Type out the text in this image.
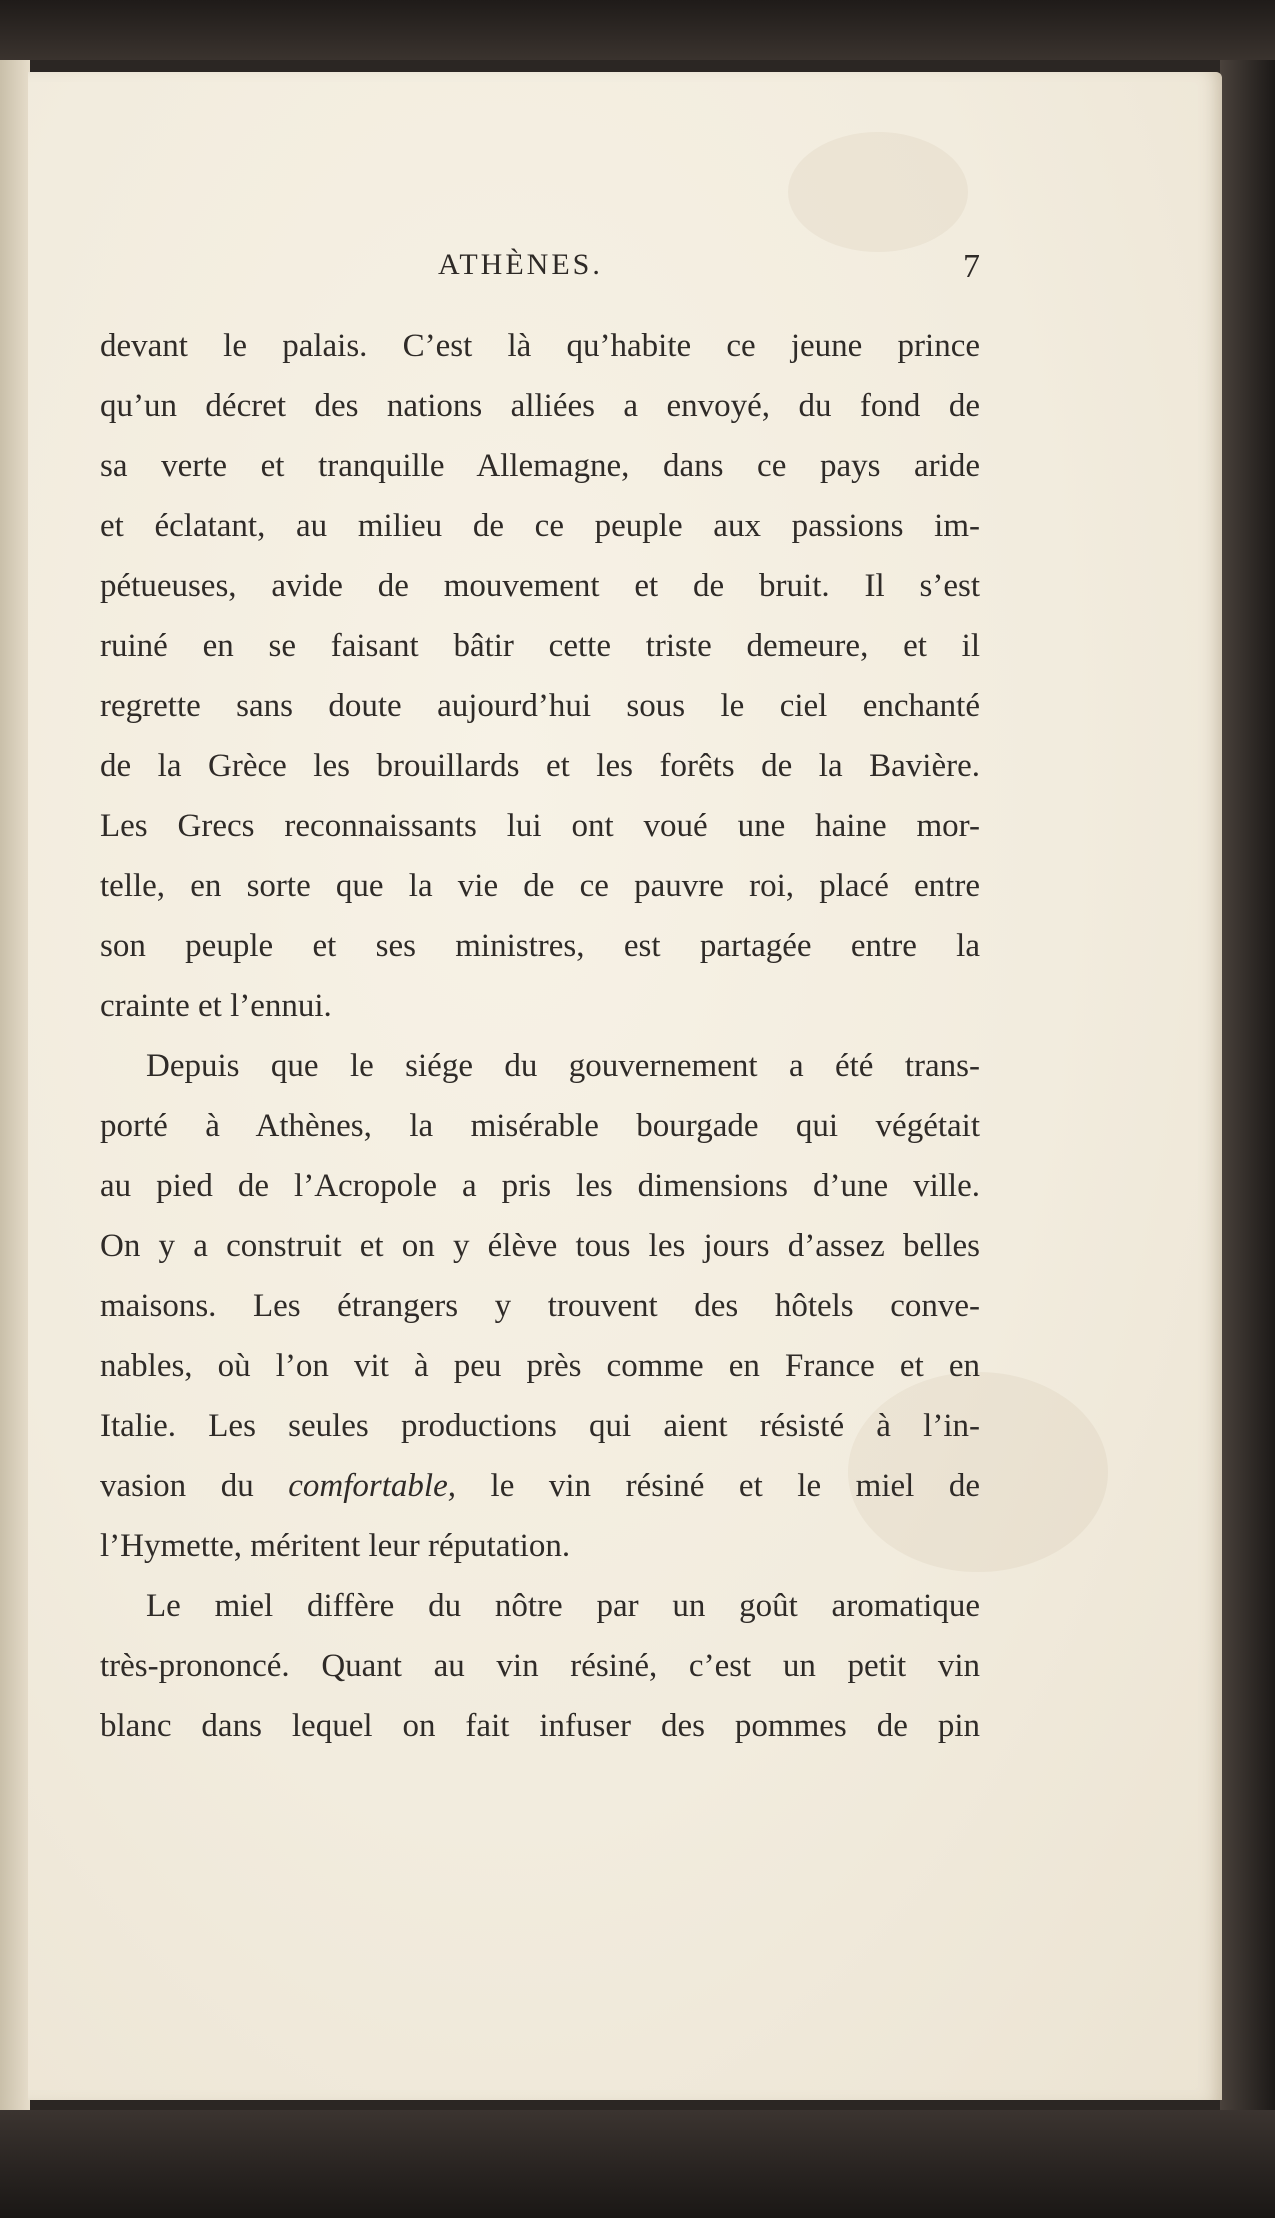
ATHÈNES.	7
devant le palais. C’est là qu’habite ce jeune prince
qu’un décret des nations alliées a envoyé, du fond de
sa verte et tranquille Allemagne, dans ce pays aride
et éclatant, au milieu de ce peuple aux passions im-
pétueuses, avide de mouvement et de bruit. Il s’est
ruiné en se faisant bâtir cette triste demeure, et il
regrette sans doute aujourd’hui sous le ciel enchanté
de la Grèce les brouillards et les forêts de la Bavière.
Les Grecs reconnaissants lui ont voué une haine mor-
telle, en sorte que la vie de ce pauvre roi, placé entre
son peuple et ses ministres, est partagée entre la
crainte et l’ennui.
Depuis que le siége du gouvernement a été trans-
porté à Athènes, la misérable bourgade qui végétait
au pied de l’Acropole a pris les dimensions d’une ville.
On y a construit et on y élève tous les jours d’assez belles
maisons. Les étrangers y trouvent des hôtels conve-
nables, où l’on vit à peu près comme en France et en
Italie. Les seules productions qui aient résisté à l’in-
vasion du comfortable, le vin résiné et le miel de
l’Hymette, méritent leur réputation.
Le miel diffère du nôtre par un goût aromatique
très-prononcé. Quant au vin résiné, c’est un petit vin
blanc dans lequel on fait infuser des pommes de pin
